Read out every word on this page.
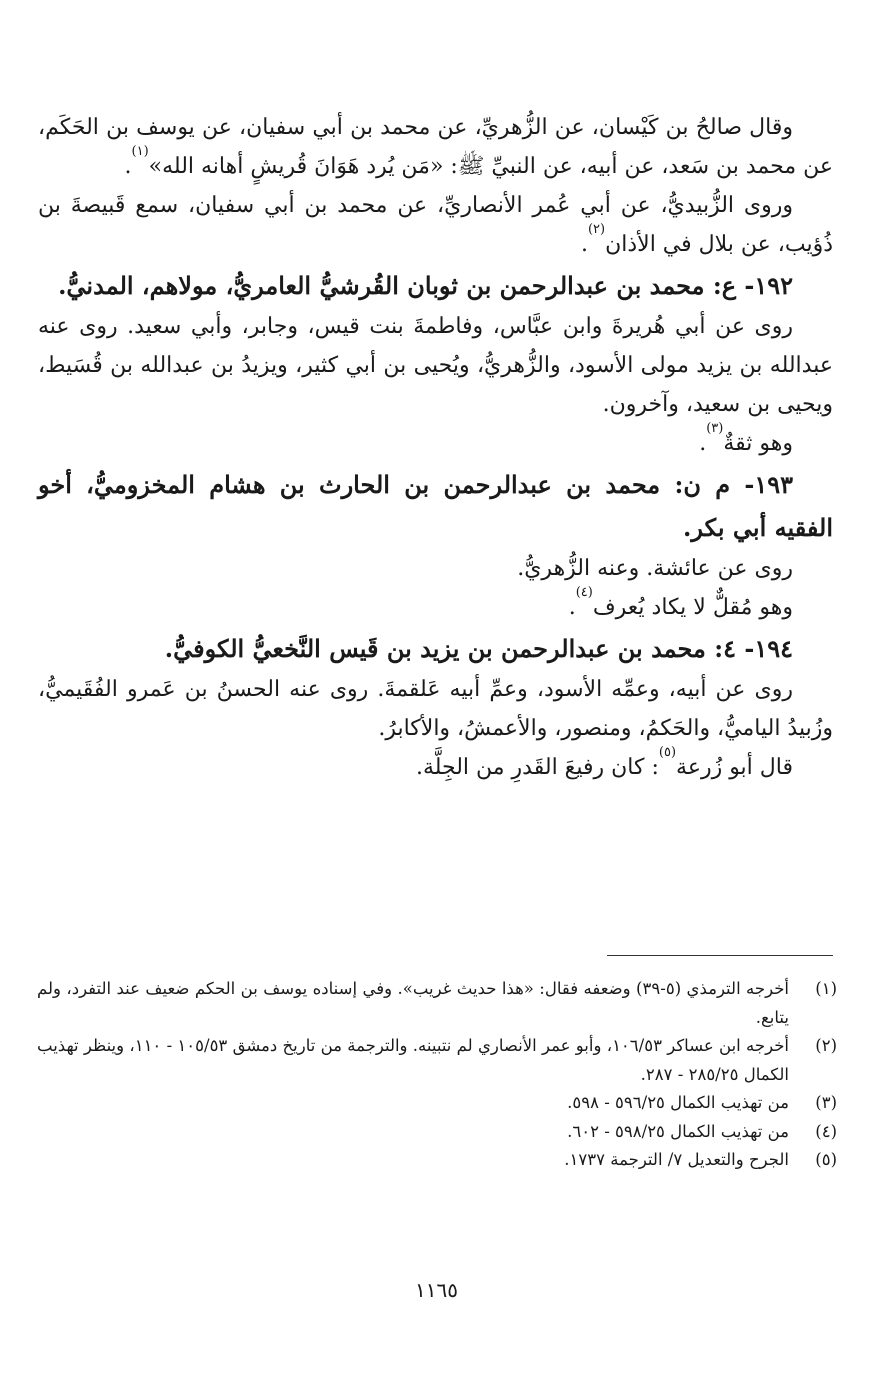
وقال صالحُ بن كَيْسان، عن الزُّهريِّ، عن محمد بن أبي سفيان، عن يوسف بن الحَكَم، عن محمد بن سَعد، عن أبيه، عن النبيِّ ﷺ: «مَن يُرد هَوَانَ قُريشٍ أهانه الله»$^{(١)}$.

وروى الزُّبيديُّ، عن أبي عُمر الأنصاريِّ، عن محمد بن أبي سفيان، سمع قَبيصةَ بن ذُؤيب، عن بلال في الأذان$^{(٢)}$.

١٩٢- ع: محمد بن عبدالرحمن بن ثوبان القُرشيُّ العامريُّ، مولاهم، المدنيُّ.

روى عن أبي هُريرةَ وابن عبَّاس، وفاطمةَ بنت قيس، وجابر، وأبي سعيد. روى عنه عبدالله بن يزيد مولى الأسود، والزُّهريُّ، ويُحيى بن أبي كثير، ويزيدُ بن عبدالله بن قُسَيط، ويحيى بن سعيد، وآخرون.

وهو ثقةٌ$^{(٣)}$.

١٩٣- م ن: محمد بن عبدالرحمن بن الحارث بن هشام المخزوميُّ، أخو الفقيه أبي بكر.

روى عن عائشة. وعنه الزُّهريُّ.

وهو مُقلٌّ لا يكاد يُعرف$^{(٤)}$.

١٩٤- ٤: محمد بن عبدالرحمن بن يزيد بن قَيس النَّخعيُّ الكوفيُّ.

روى عن أبيه، وعمِّه الأسود، وعمِّ أبيه عَلقمةَ. روى عنه الحسنُ بن عَمرو الفُقَيميُّ، وزُبيدُ الياميُّ، والحَكمُ، ومنصور، والأعمشُ، والأكابرُ.

قال أبو زُرعة$^{(٥)}$: كان رفيعَ القَدرِ من الجِلَّة.

(١)
أخرجه الترمذي (٥-٣٩) وضعفه فقال: «هذا حديث غريب». وفي إسناده يوسف بن الحكم ضعيف عند التفرد، ولم يتابع.
(٢)
أخرجه ابن عساكر ١٠٦/٥٣، وأبو عمر الأنصاري لم نتبينه. والترجمة من تاريخ دمشق ١٠٥/٥٣ - ١١٠، وينظر تهذيب الكمال ٢٨٥/٢٥ - ٢٨٧.
(٣)
من تهذيب الكمال ٥٩٦/٢٥ - ٥٩٨.
(٤)
من تهذيب الكمال ٥٩٨/٢٥ - ٦٠٢.
(٥)
الجرح والتعديل ٧/ الترجمة ١٧٣٧.
١١٦٥
